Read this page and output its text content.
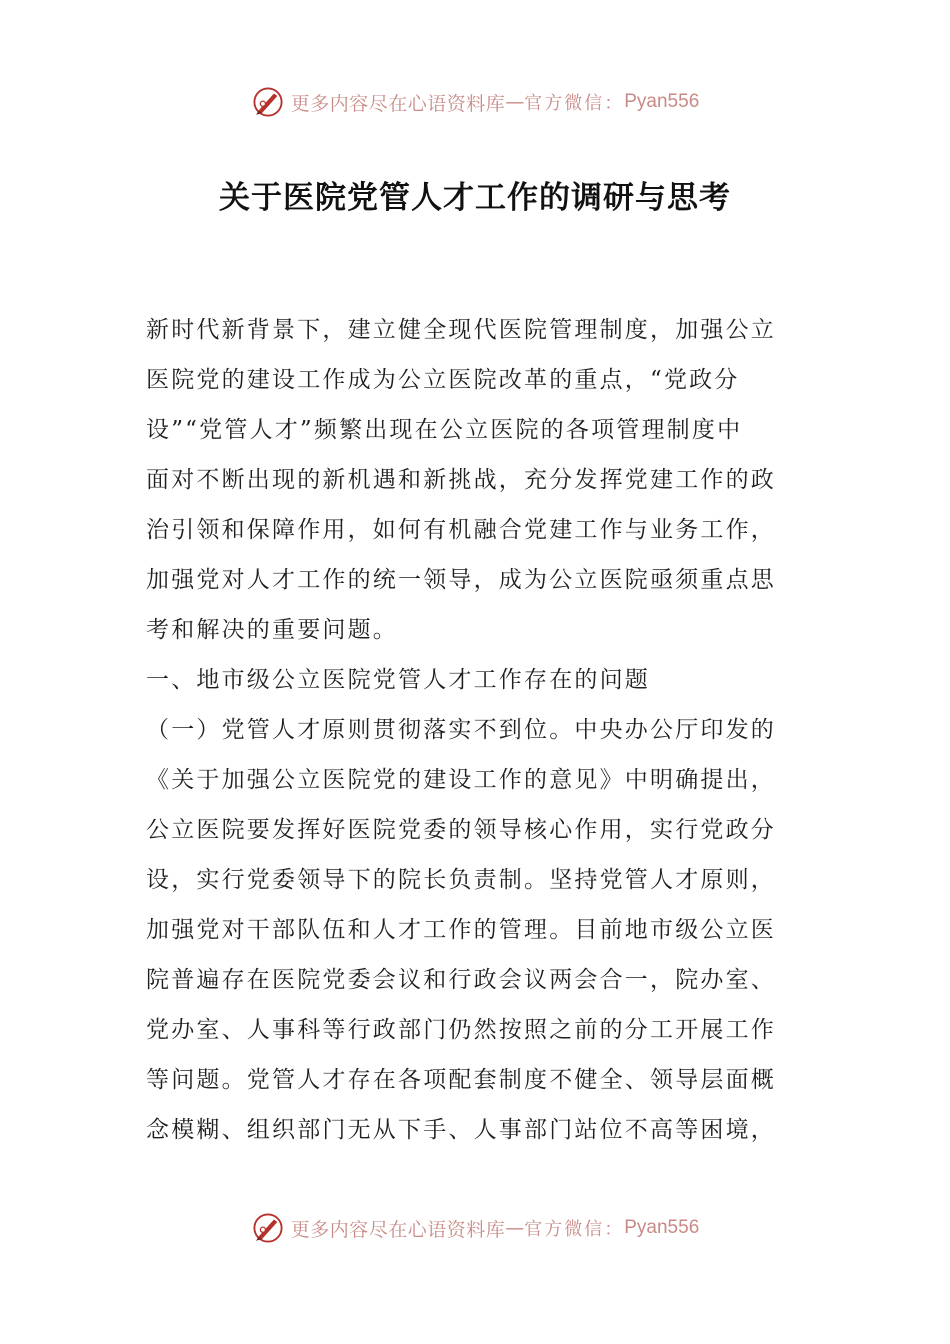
更多内容尽在心语资料库 — 官方微信： Pyan556
关于医院党管人才工作的调研与思考

新时代新背景下，建立健全现代医院管理制度，加强公立

医院党的建设工作成为公立医院改革的重点，“党政分

设”“党管人才”频繁出现在公立医院的各项管理制度中

面对不断出现的新机遇和新挑战，充分发挥党建工作的政

治引领和保障作用，如何有机融合党建工作与业务工作，

加强党对人才工作的统一领导，成为公立医院亟须重点思

考和解决的重要问题。

一、地市级公立医院党管人才工作存在的问题

（一）党管人才原则贯彻落实不到位。中央办公厅印发的

《关于加强公立医院党的建设工作的意见》中明确提出，

公立医院要发挥好医院党委的领导核心作用，实行党政分

设，实行党委领导下的院长负责制。坚持党管人才原则，

加强党对干部队伍和人才工作的管理。目前地市级公立医

院普遍存在医院党委会议和行政会议两会合一，院办室、

党办室、人事科等行政部门仍然按照之前的分工开展工作

等问题。党管人才存在各项配套制度不健全、领导层面概

念模糊、组织部门无从下手、人事部门站位不高等困境，

更多内容尽在心语资料库 — 官方微信： Pyan556
